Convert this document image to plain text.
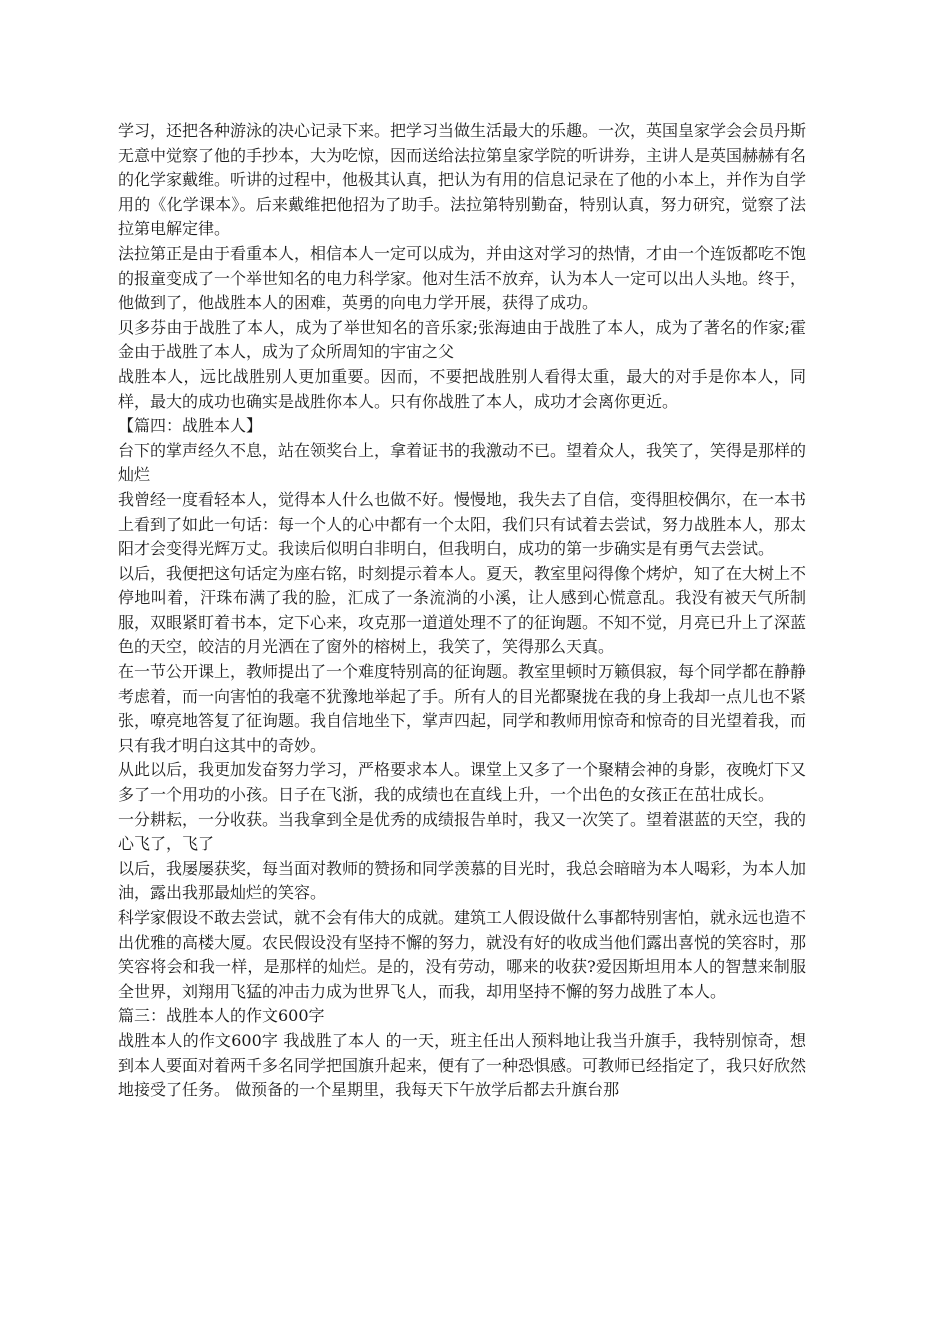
学习，还把各种游泳的决心记录下来。把学习当做生活最大的乐趣。一次，英国皇家学会会员丹斯无意中觉察了他的手抄本，大为吃惊，因而送给法拉第皇家学院的听讲券，主讲人是英国赫赫有名的化学家戴维。听讲的过程中，他极其认真，把认为有用的信息记录在了他的小本上，并作为自学用的《化学课本》。后来戴维把他招为了助手。法拉第特别勤奋，特别认真，努力研究，觉察了法拉第电解定律。

法拉第正是由于看重本人，相信本人一定可以成为，并由这对学习的热情，才由一个连饭都吃不饱的报童变成了一个举世知名的电力科学家。他对生活不放弃，认为本人一定可以出人头地。终于，他做到了，他战胜本人的困难，英勇的向电力学开展，获得了成功。

贝多芬由于战胜了本人，成为了举世知名的音乐家;张海迪由于战胜了本人，成为了著名的作家;霍金由于战胜了本人，成为了众所周知的宇宙之父

战胜本人，远比战胜别人更加重要。因而，不要把战胜别人看得太重，最大的对手是你本人，同样，最大的成功也确实是战胜你本人。只有你战胜了本人，成功才会离你更近。

【篇四：战胜本人】

台下的掌声经久不息，站在领奖台上，拿着证书的我激动不已。望着众人，我笑了，笑得是那样的灿烂

我曾经一度看轻本人，觉得本人什么也做不好。慢慢地，我失去了自信，变得胆校偶尔，在一本书上看到了如此一句话：每一个人的心中都有一个太阳，我们只有试着去尝试，努力战胜本人，那太阳才会变得光辉万丈。我读后似明白非明白，但我明白，成功的第一步确实是有勇气去尝试。

以后，我便把这句话定为座右铭，时刻提示着本人。夏天，教室里闷得像个烤炉，知了在大树上不停地叫着，汗珠布满了我的脸，汇成了一条流淌的小溪，让人感到心慌意乱。我没有被天气所制服，双眼紧盯着书本，定下心来，攻克那一道道处理不了的征询题。不知不觉，月亮已升上了深蓝色的天空，皎洁的月光洒在了窗外的榕树上，我笑了，笑得那么天真。

在一节公开课上，教师提出了一个难度特别高的征询题。教室里顿时万籁俱寂，每个同学都在静静考虑着，而一向害怕的我毫不犹豫地举起了手。所有人的目光都聚拢在我的身上我却一点儿也不紧张，嘹亮地答复了征询题。我自信地坐下，掌声四起，同学和教师用惊奇和惊奇的目光望着我，而只有我才明白这其中的奇妙。

从此以后，我更加发奋努力学习，严格要求本人。课堂上又多了一个聚精会神的身影，夜晚灯下又多了一个用功的小孩。日子在飞浙，我的成绩也在直线上升，一个出色的女孩正在茁壮成长。

一分耕耘，一分收获。当我拿到全是优秀的成绩报告单时，我又一次笑了。望着湛蓝的天空，我的心飞了，飞了

以后，我屡屡获奖，每当面对教师的赞扬和同学羡慕的目光时，我总会暗暗为本人喝彩，为本人加油，露出我那最灿烂的笑容。

科学家假设不敢去尝试，就不会有伟大的成就。建筑工人假设做什么事都特别害怕，就永远也造不出优雅的高楼大厦。农民假设没有坚持不懈的努力，就没有好的收成当他们露出喜悦的笑容时，那笑容将会和我一样，是那样的灿烂。是的，没有劳动，哪来的收获?爱因斯坦用本人的智慧来制服全世界，刘翔用飞猛的冲击力成为世界飞人，而我，却用坚持不懈的努力战胜了本人。

篇三：战胜本人的作文600字

战胜本人的作文600字 我战胜了本人 的一天，班主任出人预料地让我当升旗手，我特别惊奇，想到本人要面对着两千多名同学把国旗升起来，便有了一种恐惧感。可教师已经指定了，我只好欣然地接受了任务。 做预备的一个星期里，我每天下午放学后都去升旗台那
